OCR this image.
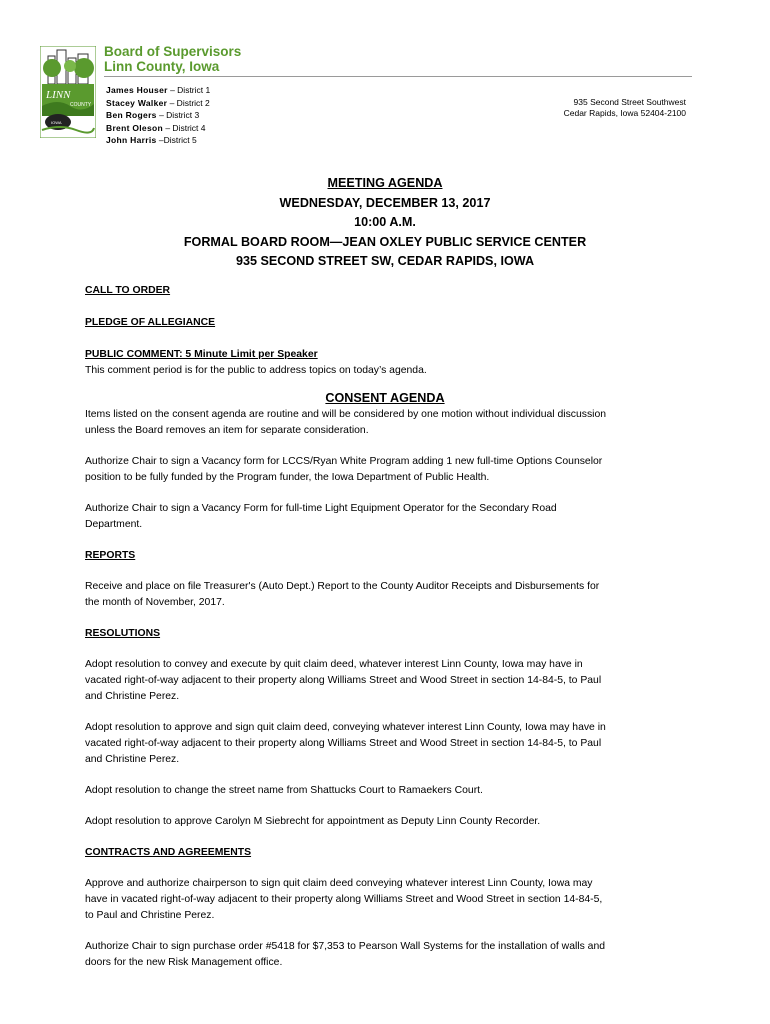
LINN
COUNTY
IOWA
Board of Supervisors
Linn County, Iowa
James Houser – District 1
Stacey Walker – District 2
Ben Rogers – District 3
Brent Oleson – District 4
John Harris –District 5
935 Second Street Southwest
Cedar Rapids, Iowa 52404-2100
MEETING AGENDA
WEDNESDAY, DECEMBER 13, 2017
10:00 A.M.
FORMAL BOARD ROOM—JEAN OXLEY PUBLIC SERVICE CENTER
935 SECOND STREET SW, CEDAR RAPIDS, IOWA

CALL TO ORDER

PLEDGE OF ALLEGIANCE

PUBLIC COMMENT: 5 Minute Limit per Speaker

This comment period is for the public to address topics on today’s agenda.

CONSENT AGENDA

Items listed on the consent agenda are routine and will be considered by one motion without individual discussion

unless the Board removes an item for separate consideration.

Authorize Chair to sign a Vacancy form for LCCS/Ryan White Program adding 1 new full-time Options Counselor

position to be fully funded by the Program funder, the Iowa Department of Public Health.

Authorize Chair to sign a Vacancy Form for full-time Light Equipment Operator for the Secondary Road

Department.

REPORTS

Receive and place on file Treasurer's (Auto Dept.) Report to the County Auditor Receipts and Disbursements for

the month of November, 2017.

RESOLUTIONS

Adopt resolution to convey and execute by quit claim deed, whatever interest Linn County, Iowa may have in

vacated right-of-way adjacent to their property along Williams Street and Wood Street in section 14-84-5, to Paul

and Christine Perez.

Adopt resolution to approve and sign quit claim deed, conveying whatever interest Linn County, Iowa may have in

vacated right-of-way adjacent to their property along Williams Street and Wood Street in section 14-84-5, to Paul

and Christine Perez.

Adopt resolution to change the street name from Shattucks Court to Ramaekers Court.

Adopt resolution to approve Carolyn M Siebrecht for appointment as Deputy Linn County Recorder.

CONTRACTS AND AGREEMENTS

Approve and authorize chairperson to sign quit claim deed conveying whatever interest Linn County, Iowa may

have in vacated right-of-way adjacent to their property along Williams Street and Wood Street in section 14-84-5,

to Paul and Christine Perez.

Authorize Chair to sign purchase order #5418 for $7,353 to Pearson Wall Systems for the installation of walls and

doors for the new Risk Management office.
